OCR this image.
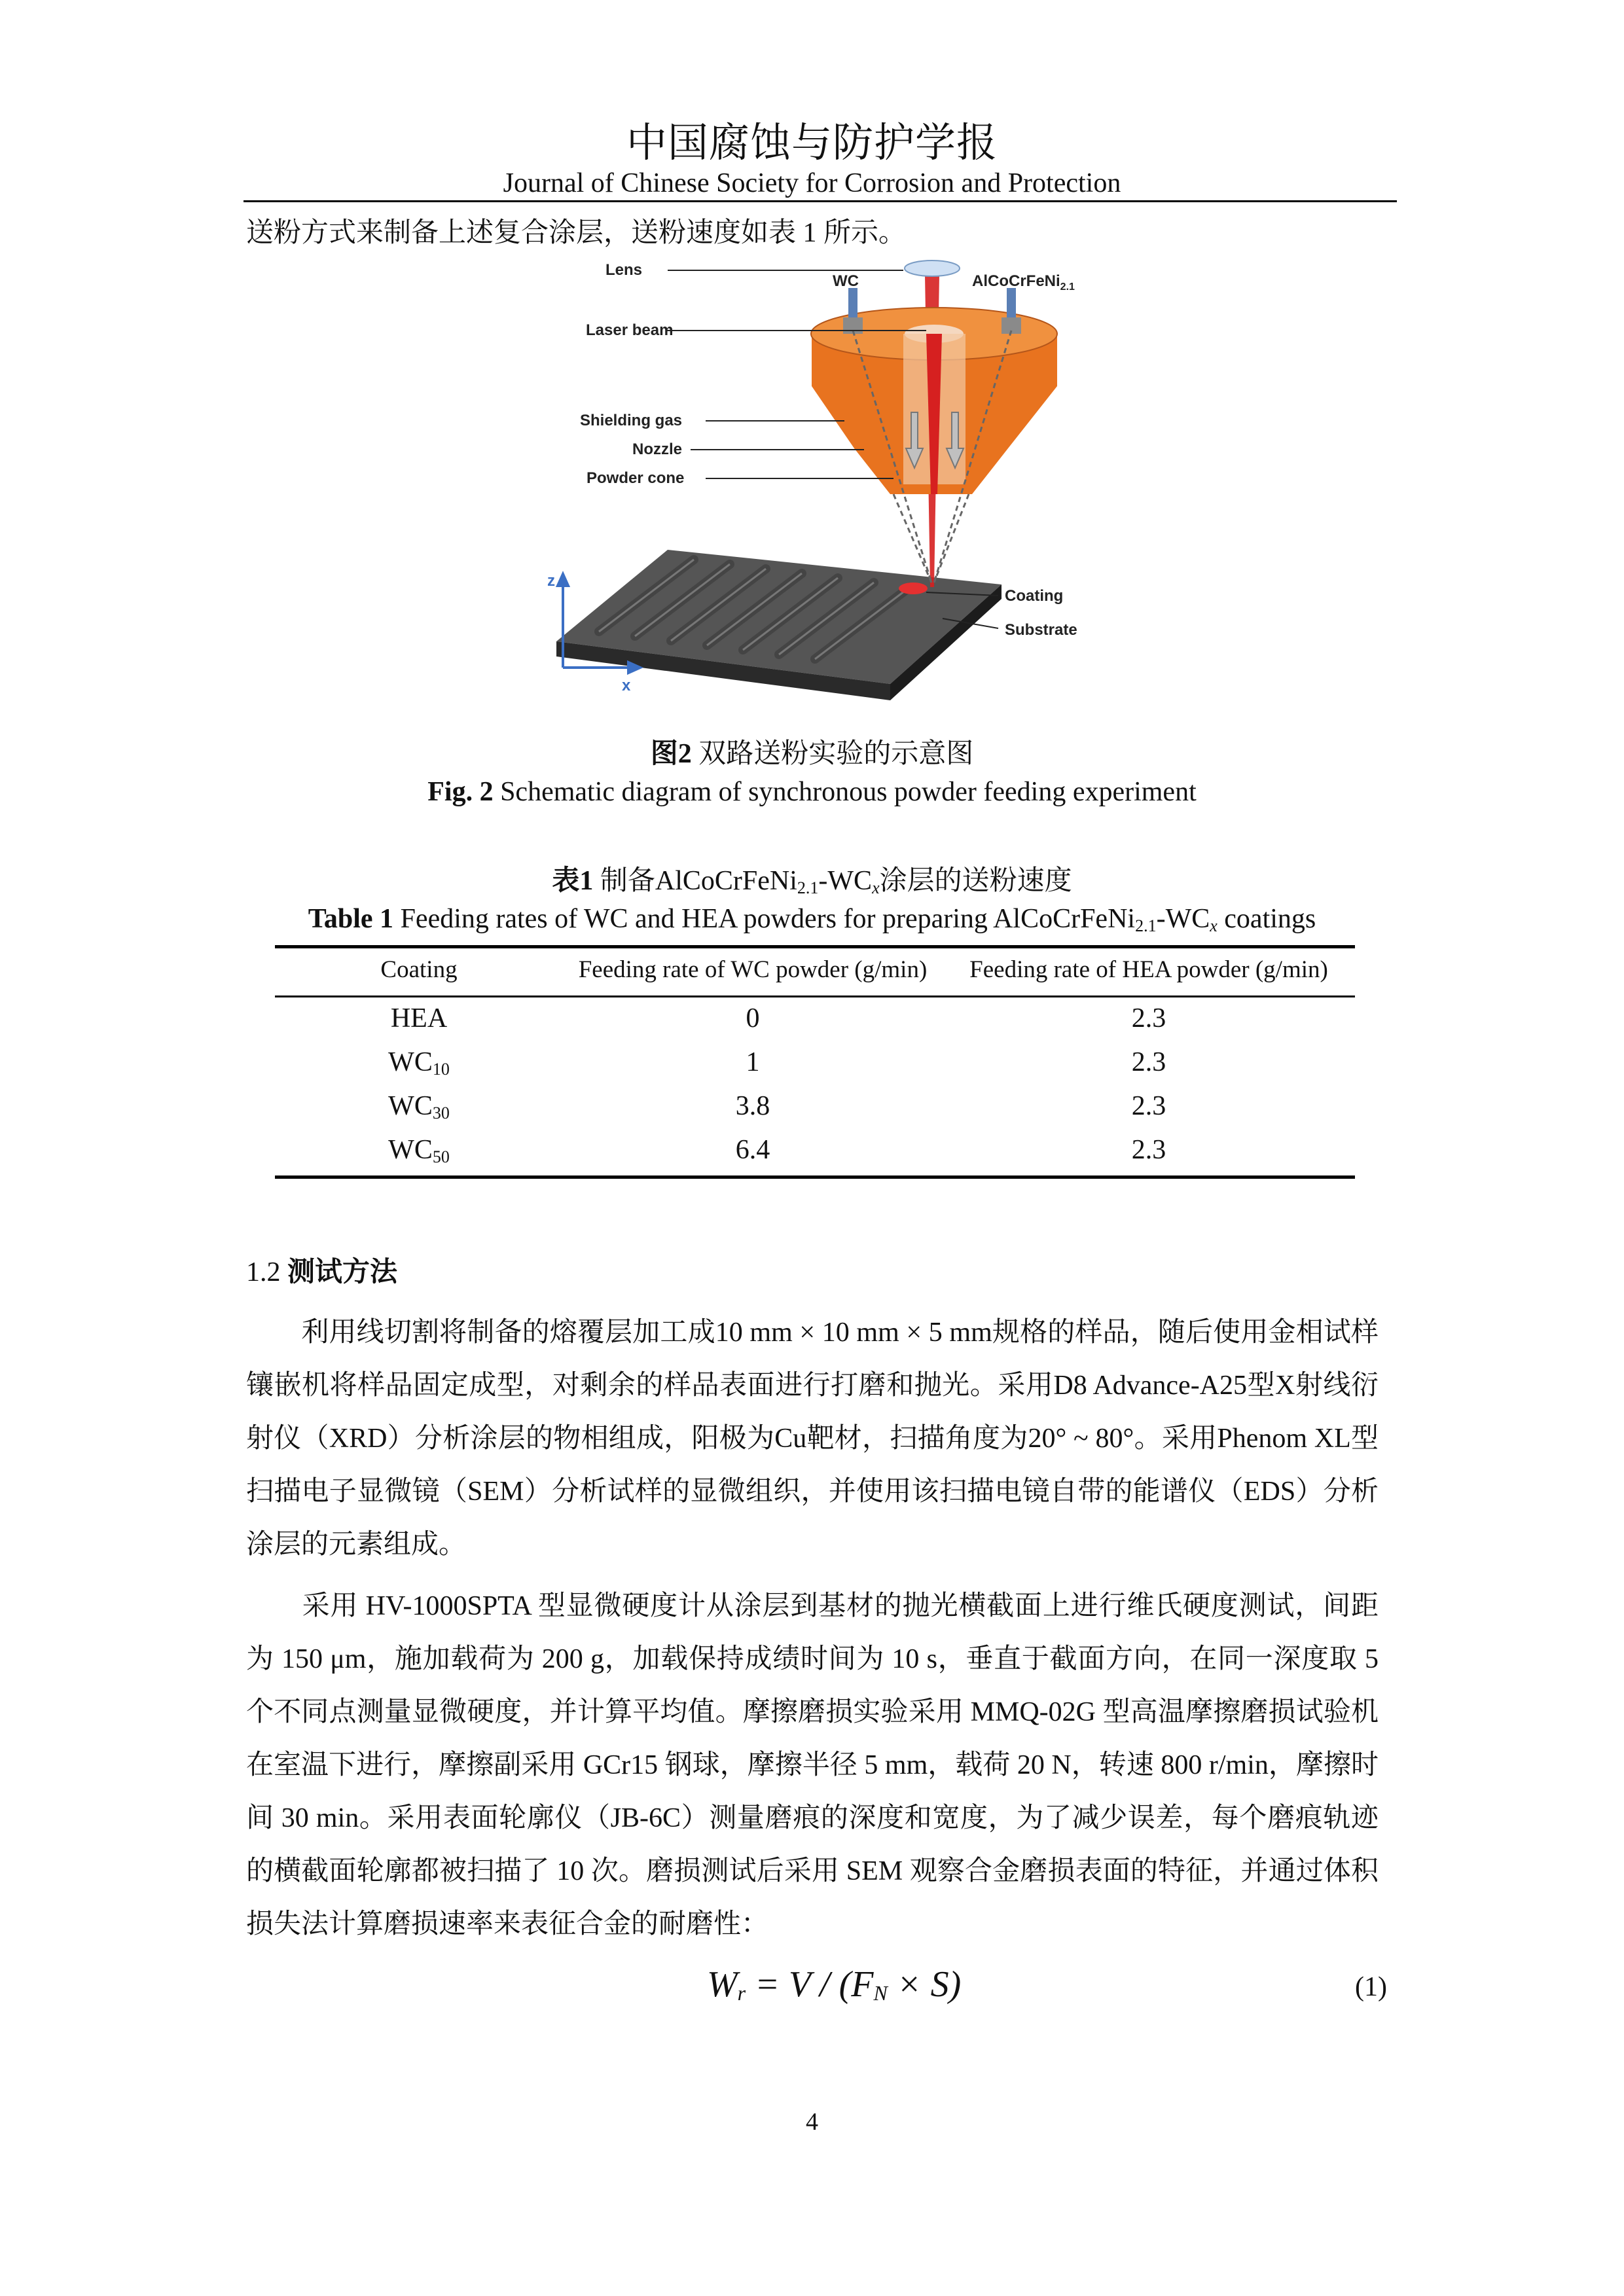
中国腐蚀与防护学报
Journal of Chinese Society for Corrosion and Protection
送粉方式来制备上述复合涂层，送粉速度如表 1 所示。
z
x
Lens
WC	AlCoCrFeNi$_{2.1}$
Laser beam
Shielding gas
Nozzle
Powder cone
Coating
Substrate
图2 双路送粉实验的示意图
Fig. 2 Schematic diagram of synchronous powder feeding experiment
表1 制备$AlCoCrFeNi_{2.1}-WC_x$涂层的送粉速度
Table 1 Feeding rates of WC and HEA powders for preparing $AlCoCrFeNi_{2.1}-WC_x$ coatings
Coating	Feeding rate of WC powder (g/min)	Feeding rate of HEA powder (g/min)
HEA	0	2.3
$WC_{10}$	1	2.3
$WC_{30}$	3.8	2.3
$WC_{50}$	6.4	2.3
1.2 测试方法
　　利用线切割将制备的熔覆层加工成10 mm × 10 mm × 5 mm规格的样品，随后使用金相试样镶嵌机将样品固定成型，对剩余的样品表面进行打磨和抛光。采用D8 Advance-A25型X射线衍射仪（XRD）分析涂层的物相组成，阳极为Cu靶材，扫描角度为20° ~ 80°。采用Phenom XL型扫描电子显微镜（SEM）分析试样的显微组织，并使用该扫描电镜自带的能谱仪（EDS）分析涂层的元素组成。
　　采用 HV-1000SPTA 型显微硬度计从涂层到基材的抛光横截面上进行维氏硬度测试，间距为 150 μm，施加载荷为 200 g，加载保持成绩时间为 10 s，垂直于截面方向，在同一深度取 5 个不同点测量显微硬度，并计算平均值。摩擦磨损实验采用 MMQ-02G 型高温摩擦磨损试验机在室温下进行，摩擦副采用 GCr15 钢球，摩擦半径 5 mm，载荷 20 N，转速 800 r/min，摩擦时间 30 min。采用表面轮廓仪（JB-6C）测量磨痕的深度和宽度，为了减少误差，每个磨痕轨迹的横截面轮廓都被扫描了 10 次。磨损测试后采用 SEM 观察合金磨损表面的特征，并通过体积损失法计算磨损速率来表征合金的耐磨性：
$W_r = V / (F_N \times S)$	(1)
4
